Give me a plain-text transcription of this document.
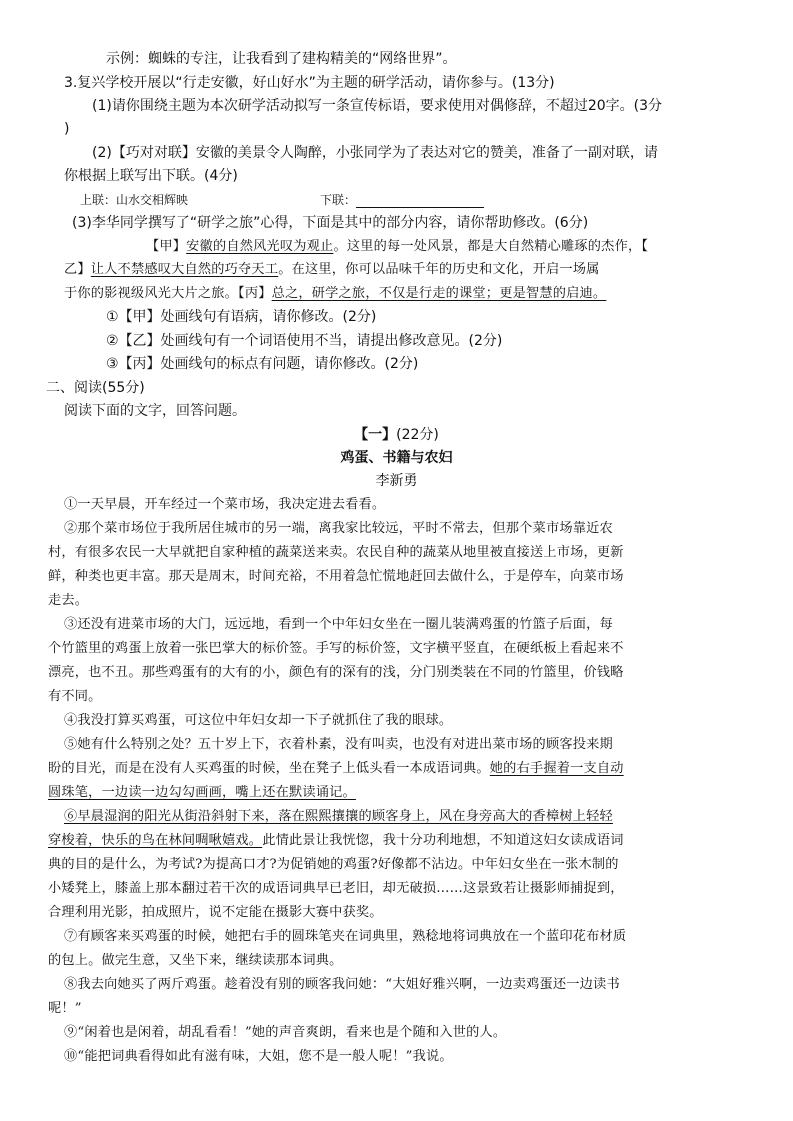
示例：蜘蛛的专注，让我看到了建构精美的“网络世界”。
3.复兴学校开展以“行走安徽，好山好水”为主题的研学活动，请你参与。(13分)
(1)请你围绕主题为本次研学活动拟写一条宣传标语，要求使用对偶修辞，不超过20字。(3分
)
(2)【巧对对联】安徽的美景令人陶醉，小张同学为了表达对它的赞美，准备了一副对联，请
你根据上联写出下联。(4分)
上联：山水交相辉映	下联：
(3)李华同学撰写了“研学之旅”心得，下面是其中的部分内容，请你帮助修改。(6分)
【甲】安徽的自然风光叹为观止。这里的每一处风景，都是大自然精心雕琢的杰作，【
乙】让人不禁感叹大自然的巧夺天工。在这里，你可以品味千年的历史和文化，开启一场属
于你的影视级风光大片之旅。【丙】总之，研学之旅，不仅是行走的课堂；更是智慧的启迪。
①【甲】处画线句有语病，请你修改。(2分)
②【乙】处画线句有一个词语使用不当，请提出修改意见。(2分)
③【丙】处画线句的标点有问题，请你修改。(2分)
二、阅读(55分)
阅读下面的文字，回答问题。
【一】(22分)
鸡蛋、书籍与农妇
李新勇
①一天早晨，开车经过一个菜市场，我决定进去看看。
②那个菜市场位于我所居住城市的另一端，离我家比较远，平时不常去，但那个菜市场靠近农
村，有很多农民一大早就把自家种植的蔬菜送来卖。农民自种的蔬菜从地里被直接送上市场，更新
鲜，种类也更丰富。那天是周末，时间充裕，不用着急忙慌地赶回去做什么，于是停车，向菜市场
走去。
③还没有进菜市场的大门，远远地，看到一个中年妇女坐在一圈儿装满鸡蛋的竹篮子后面，每
个竹篮里的鸡蛋上放着一张巴掌大的标价签。手写的标价签，文字横平竖直，在硬纸板上看起来不
漂亮，也不丑。那些鸡蛋有的大有的小，颜色有的深有的浅，分门别类装在不同的竹篮里，价钱略
有不同。
④我没打算买鸡蛋，可这位中年妇女却一下子就抓住了我的眼球。
⑤她有什么特别之处？五十岁上下，衣着朴素，没有叫卖，也没有对进出菜市场的顾客投来期
盼的目光，而是在没有人买鸡蛋的时候，坐在凳子上低头看一本成语词典。她的右手握着一支自动
圆珠笔，一边读一边勾勾画画，嘴上还在默读诵记。
⑥早晨湿润的阳光从街沿斜射下来，落在熙熙攘攘的顾客身上，风在身旁高大的香樟树上轻轻
穿梭着，快乐的鸟在林间啁啾嬉戏。此情此景让我恍惚，我十分功利地想，不知道这妇女读成语词
典的目的是什么，为考试?为提高口才?为促销她的鸡蛋?好像都不沾边。中年妇女坐在一张木制的
小矮凳上，膝盖上那本翻过若干次的成语词典早已老旧，却无破损……这景致若让摄影师捕捉到，
合理利用光影，拍成照片，说不定能在摄影大赛中获奖。
⑦有顾客来买鸡蛋的时候，她把右手的圆珠笔夹在词典里，熟稔地将词典放在一个蓝印花布材质
的包上。做完生意，又坐下来，继续读那本词典。
⑧我去向她买了两斤鸡蛋。趁着没有别的顾客我问她：“大姐好雅兴啊，一边卖鸡蛋还一边读书
呢！”
⑨“闲着也是闲着，胡乱看看！”她的声音爽朗，看来也是个随和入世的人。
⑩“能把词典看得如此有滋有味，大姐，您不是一般人呢！”我说。
